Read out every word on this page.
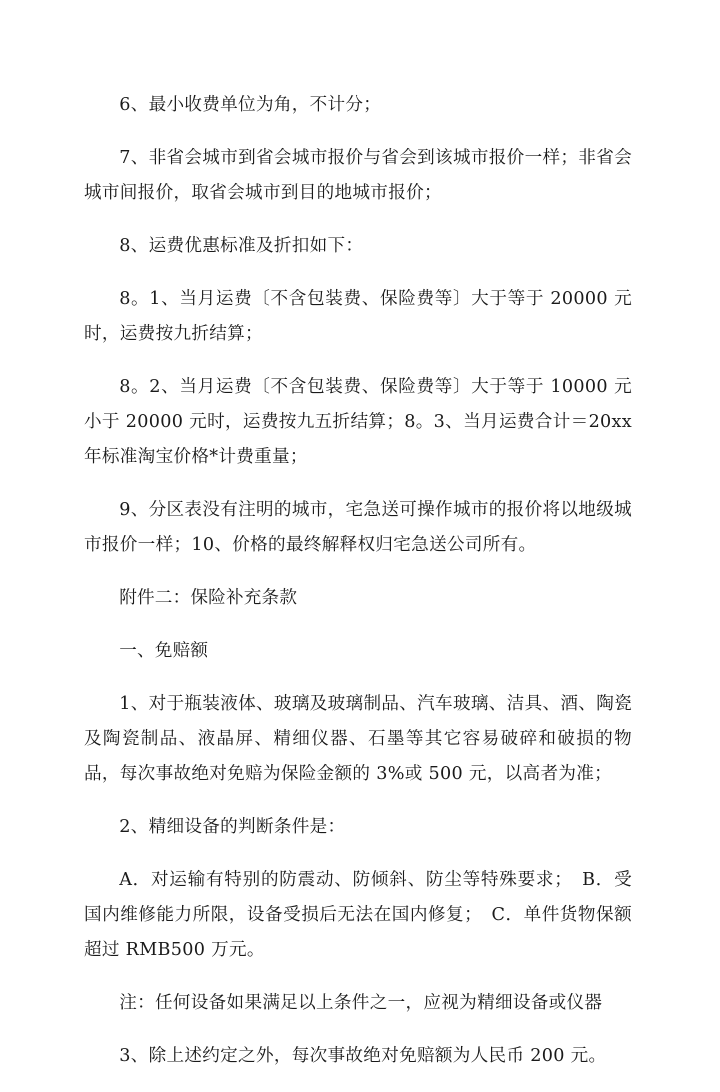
6、最小收费单位为角，不计分；

7、非省会城市到省会城市报价与省会到该城市报价一样；非省会城市间报价，取省会城市到目的地城市报价；

8、运费优惠标准及折扣如下：

8。1、当月运费〔不含包装费、保险费等〕大于等于 20000 元时，运费按九折结算；

8。2、当月运费〔不含包装费、保险费等〕大于等于 10000 元小于 20000 元时，运费按九五折结算；8。3、当月运费合计＝20xx 年标准淘宝价格*计费重量；

9、分区表没有注明的城市，宅急送可操作城市的报价将以地级城市报价一样；10、价格的最终解释权归宅急送公司所有。

附件二：保险补充条款

一、免赔额

1、对于瓶装液体、玻璃及玻璃制品、汽车玻璃、洁具、酒、陶瓷及陶瓷制品、液晶屏、精细仪器、石墨等其它容易破碎和破损的物品，每次事故绝对免赔为保险金额的 3%或 500 元，以高者为准；

2、精细设备的判断条件是：

A．对运输有特别的防震动、防倾斜、防尘等特殊要求；　B．受国内维修能力所限，设备受损后无法在国内修复；　C．单件货物保额超过 RMB500 万元。

注：任何设备如果满足以上条件之一，应视为精细设备或仪器

3、除上述约定之外，每次事故绝对免赔额为人民币 200 元。
